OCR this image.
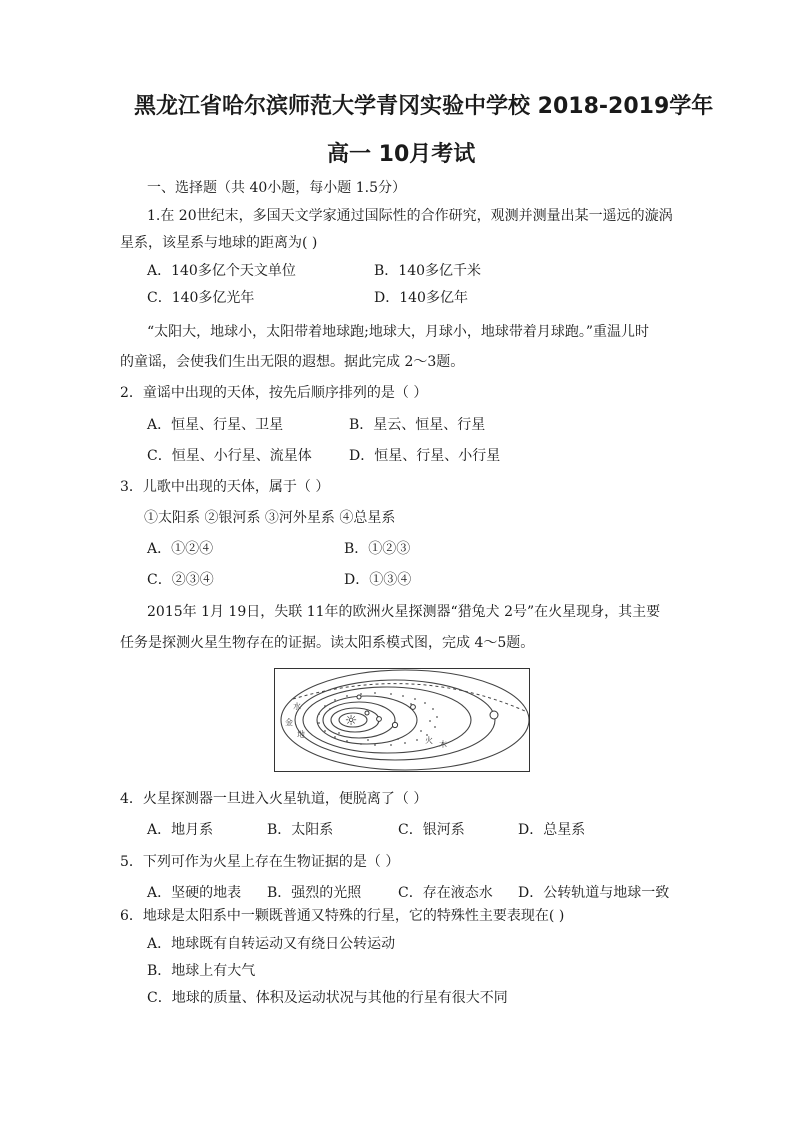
黑龙江省哈尔滨师范大学青冈实验中学校 2018-2019学年
高一 10月考试
一、选择题（共 40小题，每小题 1.5分）
1.在 20世纪末，多国天文学家通过国际性的合作研究，观测并测量出某一遥远的漩涡
星系，该星系与地球的距离为( )
A．140多亿个天文单位	B．140多亿千米
C．140多亿光年	D．140多亿年
“太阳大，地球小，太阳带着地球跑;地球大，月球小，地球带着月球跑。”重温儿时
的童谣，会使我们生出无限的遐想。据此完成 2～3题。
2．童谣中出现的天体，按先后顺序排列的是（ ）
A．恒星、行星、卫星	B．星云、恒星、行星
C．恒星、小行星、流星体	D．恒星、行星、小行星
3．儿歌中出现的天体，属于（ ）
①太阳系 ②银河系 ③河外星系 ④总星系
A．①②④	B．①②③
C．②③④	D．①③④
2015年 1月 19日，失联 11年的欧洲火星探测器“猎兔犬 2号”在火星现身，其主要
任务是探测火星生物存在的证据。读太阳系模式图，完成 4～5题。
☼
水
金
地
火 木
4．火星探测器一旦进入火星轨道，便脱离了（ ）
A．地月系	B．太阳系	C．银河系	D．总星系
5．下列可作为火星上存在生物证据的是（ ）
A．坚硬的地表 B．强烈的光照	C．存在液态水 D．公转轨道与地球一致
6．地球是太阳系中一颗既普通又特殊的行星，它的特殊性主要表现在( )
A．地球既有自转运动又有绕日公转运动
B．地球上有大气
C．地球的质量、体积及运动状况与其他的行星有很大不同
